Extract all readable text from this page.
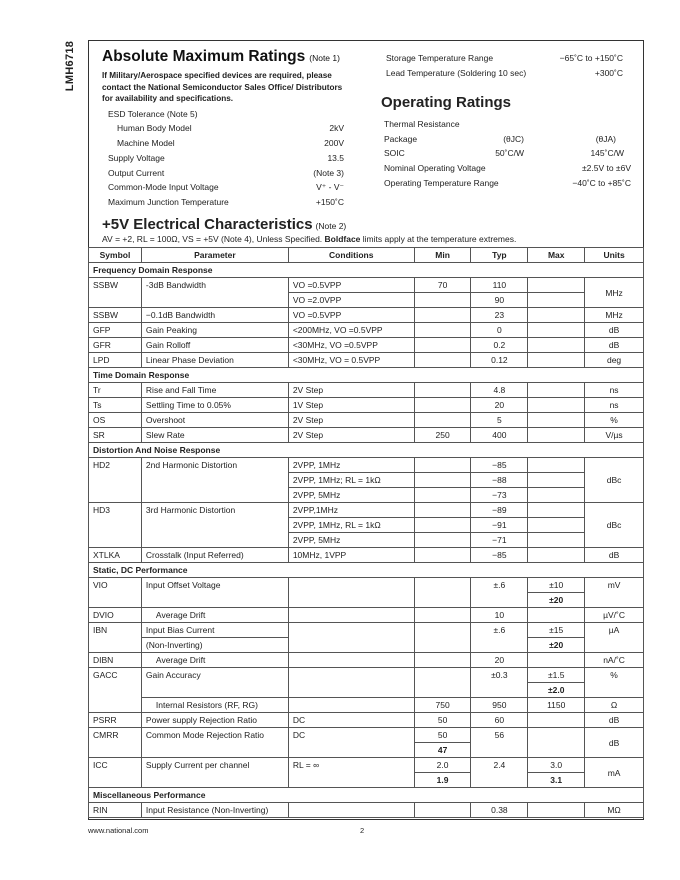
LMH6718 Absolute Maximum Ratings (Note 1)
If Military/Aerospace specified devices are required, please contact the National Semiconductor Sales Office/ Distributors for availability and specifications.
ESD Tolerance (Note 5)
Human Body Model	2kV
Machine Model	200V
Supply Voltage	13.5
Output Current	(Note 3)
Common-Mode Input Voltage	V⁺ - V⁻
Maximum Junction Temperature	+150˚C
Storage Temperature Range	−65˚C to +150˚C
Lead Temperature (Soldering 10 sec)	+300˚C
Operating Ratings
Thermal Resistance
Package	(θJC)	(θJA)
SOIC	50˚C/W	145˚C/W
Nominal Operating Voltage	±2.5V to ±6V
Operating Temperature Range	−40˚C to +85˚C
+5V Electrical Characteristics (Note 2)
AV = +2, RL = 100Ω, VS = +5V (Note 4), Unless Specified. Boldface limits apply at the temperature extremes.
Symbol	Parameter	Conditions	Min	Typ	Max	Units
Frequency Domain Response						
SSBW	-3dB Bandwidth	VO =0.5VPP	70	110		MHz
		VO =2.0VPP		90		
SSBW	−0.1dB Bandwidth	VO =0.5VPP		23		MHz
GFP	Gain Peaking	<200MHz, VO =0.5VPP		0		dB
GFR	Gain Rolloff	<30MHz, VO =0.5VPP		0.2		dB
LPD	Linear Phase Deviation	<30MHz, VO = 0.5VPP		0.12		deg
Time Domain Response						
Tr	Rise and Fall Time	2V Step		4.8		ns
Ts	Settling Time to 0.05%	1V Step		20		ns
OS	Overshoot	2V Step		5		%
SR	Slew Rate	2V Step	250	400		V/µs
Distortion And Noise Response						
HD2	2nd Harmonic Distortion	2VPP, 1MHz		−85		dBc
		2VPP, 1MHz; RL = 1kΩ		−88		
		2VPP, 5MHz		−73		
HD3	3rd Harmonic Distortion	2VPP,1MHz		−89		dBc
		2VPP, 1MHz, RL = 1kΩ		−91		
		2VPP, 5MHz		−71		
XTLKA	Crosstalk (Input Referred)	10MHz, 1VPP		−85		dB
Static, DC Performance						
VIO	Input Offset Voltage			±.6	±10	mV
					±20	
DVIO	Average Drift			10		µV/˚C
IBN	Input Bias Current			±.6	±15	µA
	(Non-Inverting)				±20	
DIBN	Average Drift			20		nA/˚C
GACC	Gain Accuracy			±0.3	±1.5	%
					±2.0	
	Internal Resistors (RF, RG)		750	950	1150	Ω
PSRR	Power supply Rejection Ratio	DC	50	60		dB
CMRR	Common Mode Rejection Ratio	DC	50	56		dB
			47			
ICC	Supply Current per channel	RL = ∞	2.0	2.4	3.0	mA
			1.9		3.1	
Miscellaneous Performance						
RIN	Input Resistance (Non-Inverting)			0.38		MΩ
www.national.com	2
